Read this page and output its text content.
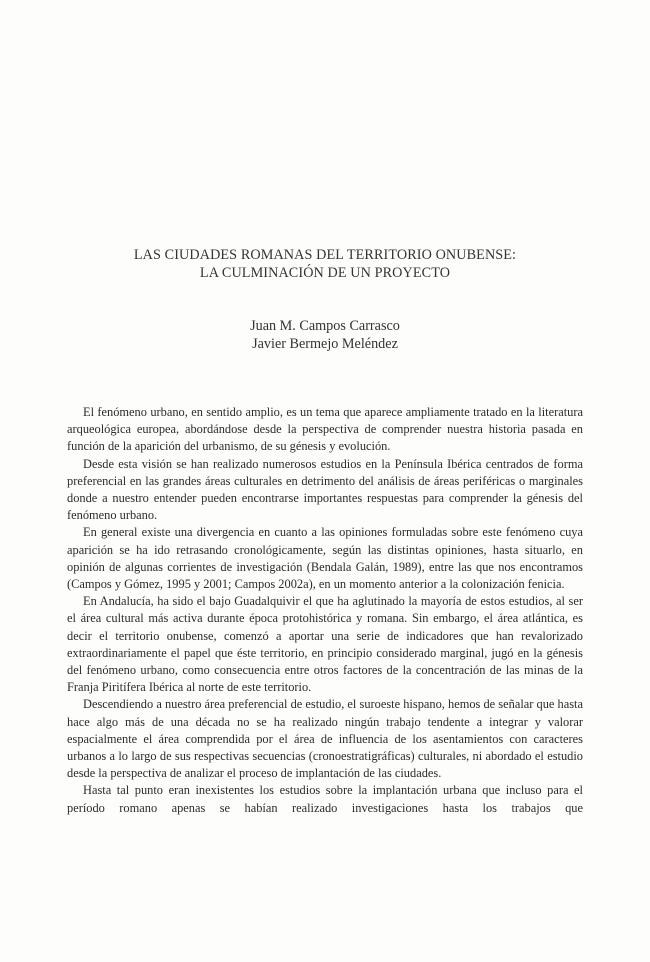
LAS CIUDADES ROMANAS DEL TERRITORIO ONUBENSE:
LA CULMINACIÓN DE UN PROYECTO
Juan M. Campos Carrasco
Javier Bermejo Meléndez

El fenómeno urbano, en sentido amplio, es un tema que aparece ampliamente tratado en la literatura arqueológica europea, abordándose desde la perspectiva de comprender nuestra historia pasada en función de la aparición del urbanismo, de su génesis y evolución.

Desde esta visión se han realizado numerosos estudios en la Península Ibérica centrados de forma preferencial en las grandes áreas culturales en detrimento del análisis de áreas periféricas o marginales donde a nuestro entender pueden encontrarse importantes respuestas para comprender la génesis del fenómeno urbano.

En general existe una divergencia en cuanto a las opiniones formuladas sobre este fenómeno cuya aparición se ha ido retrasando cronológicamente, según las distintas opiniones, hasta situarlo, en opinión de algunas corrientes de investigación (Bendala Galán, 1989), entre las que nos encontramos (Campos y Gómez, 1995 y 2001; Campos 2002a), en un momento anterior a la colonización fenicia.

En Andalucía, ha sido el bajo Guadalquivir el que ha aglutinado la mayoría de estos estudios, al ser el área cultural más activa durante época protohistórica y romana. Sin embargo, el área atlántica, es decir el territorio onubense, comenzó a aportar una serie de indicadores que han revalorizado extraordinariamente el papel que éste territorio, en principio considerado marginal, jugó en la génesis del fenómeno urbano, como consecuencia entre otros factores de la concentración de las minas de la Franja Piritífera Ibérica al norte de este territorio.

Descendiendo a nuestro área preferencial de estudio, el suroeste hispano, hemos de señalar que hasta hace algo más de una década no se ha realizado ningún trabajo tendente a integrar y valorar espacialmente el área comprendida por el área de influencia de los asentamientos con caracteres urbanos a lo largo de sus respectivas secuencias (cronoestratigráficas) culturales, ni abordado el estudio desde la perspectiva de analizar el proceso de implantación de las ciudades.

Hasta tal punto eran inexistentes los estudios sobre la implantación urbana que incluso para el período romano apenas se habían realizado investigaciones hasta los trabajos que
